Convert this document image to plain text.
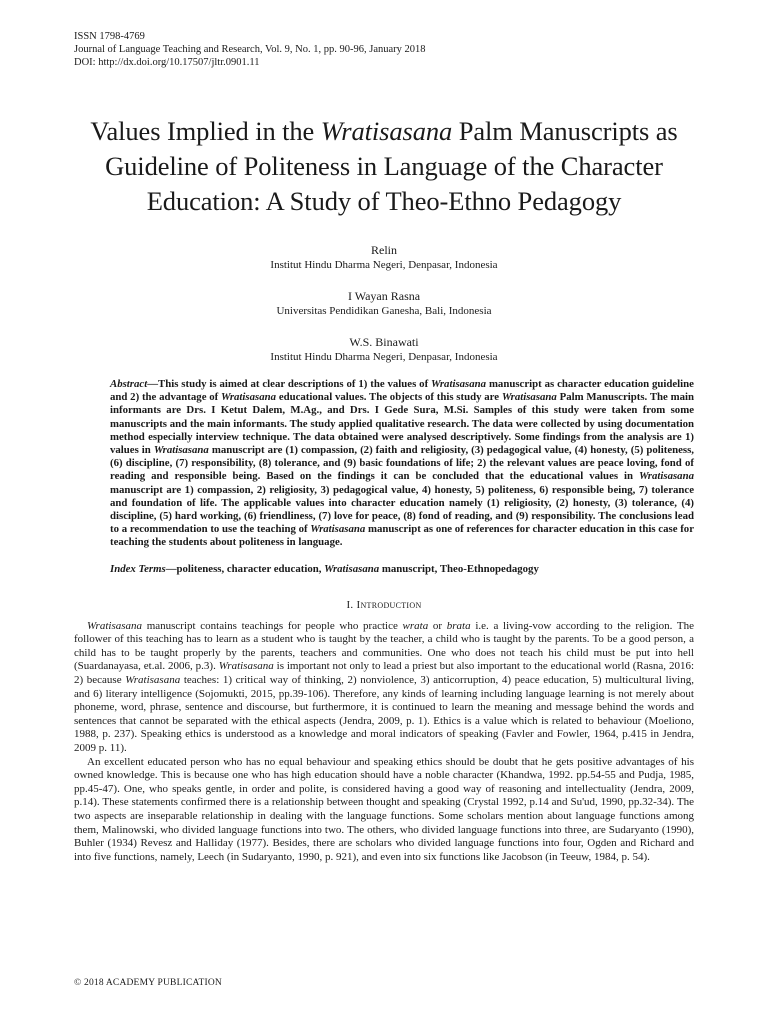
ISSN 1798-4769
Journal of Language Teaching and Research, Vol. 9, No. 1, pp. 90-96, January 2018
DOI: http://dx.doi.org/10.17507/jltr.0901.11
Values Implied in the Wratisasana Palm Manuscripts as Guideline of Politeness in Language of the Character Education: A Study of Theo-Ethno Pedagogy
Relin
Institut Hindu Dharma Negeri, Denpasar, Indonesia
I Wayan Rasna
Universitas Pendidikan Ganesha, Bali, Indonesia
W.S. Binawati
Institut Hindu Dharma Negeri, Denpasar, Indonesia
Abstract—This study is aimed at clear descriptions of 1) the values of Wratisasana manuscript as character education guideline and 2) the advantage of Wratisasana educational values. The objects of this study are Wratisasana Palm Manuscripts. The main informants are Drs. I Ketut Dalem, M.Ag., and Drs. I Gede Sura, M.Si. Samples of this study were taken from some manuscripts and the main informants. The study applied qualitative research. The data were collected by using documentation method especially interview technique. The data obtained were analysed descriptively. Some findings from the analysis are 1) values in Wratisasana manuscript are (1) compassion, (2) faith and religiosity, (3) pedagogical value, (4) honesty, (5) politeness, (6) discipline, (7) responsibility, (8) tolerance, and (9) basic foundations of life; 2) the relevant values are peace loving, fond of reading and responsible being. Based on the findings it can be concluded that the educational values in Wratisasana manuscript are 1) compassion, 2) religiosity, 3) pedagogical value, 4) honesty, 5) politeness, 6) responsible being, 7) tolerance and foundation of life. The applicable values into character education namely (1) religiosity, (2) honesty, (3) tolerance, (4) discipline, (5) hard working, (6) friendliness, (7) love for peace, (8) fond of reading, and (9) responsibility. The conclusions lead to a recommendation to use the teaching of Wratisasana manuscript as one of references for character education in this case for teaching the students about politeness in language.
Index Terms—politeness, character education, Wratisasana manuscript, Theo-Ethnopedagogy
I. Introduction
Wratisasana manuscript contains teachings for people who practice wrata or brata i.e. a living-vow according to the religion. The follower of this teaching has to learn as a student who is taught by the teacher, a child who is taught by the parents. To be a good person, a child has to be taught properly by the parents, teachers and communities. One who does not teach his child must be put into hell (Suardanayasa, et.al. 2006, p.3). Wratisasana is important not only to lead a priest but also important to the educational world (Rasna, 2016: 2) because Wratisasana teaches: 1) critical way of thinking, 2) nonviolence, 3) anticorruption, 4) peace education, 5) multicultural living, and 6) literary intelligence (Sojomukti, 2015, pp.39-106). Therefore, any kinds of learning including language learning is not merely about phoneme, word, phrase, sentence and discourse, but furthermore, it is continued to learn the meaning and message behind the words and sentences that cannot be separated with the ethical aspects (Jendra, 2009, p. 1). Ethics is a value which is related to behaviour (Moeliono, 1988, p. 237). Speaking ethics is understood as a knowledge and moral indicators of speaking (Favler and Fowler, 1964, p.415 in Jendra, 2009 p. 11).
An excellent educated person who has no equal behaviour and speaking ethics should be doubt that he gets positive advantages of his owned knowledge. This is because one who has high education should have a noble character (Khandwa, 1992. pp.54-55 and Pudja, 1985, pp.45-47). One, who speaks gentle, in order and polite, is considered having a good way of reasoning and intellectuality (Jendra, 2009, p.14). These statements confirmed there is a relationship between thought and speaking (Crystal 1992, p.14 and Su'ud, 1990, pp.32-34). The two aspects are inseparable relationship in dealing with the language functions. Some scholars mention about language functions among them, Malinowski, who divided language functions into two. The others, who divided language functions into three, are Sudaryanto (1990), Buhler (1934) Revesz and Halliday (1977). Besides, there are scholars who divided language functions into four, Ogden and Richard and into five functions, namely, Leech (in Sudaryanto, 1990, p. 921), and even into six functions like Jacobson (in Teeuw, 1984, p. 54).
© 2018 ACADEMY PUBLICATION
